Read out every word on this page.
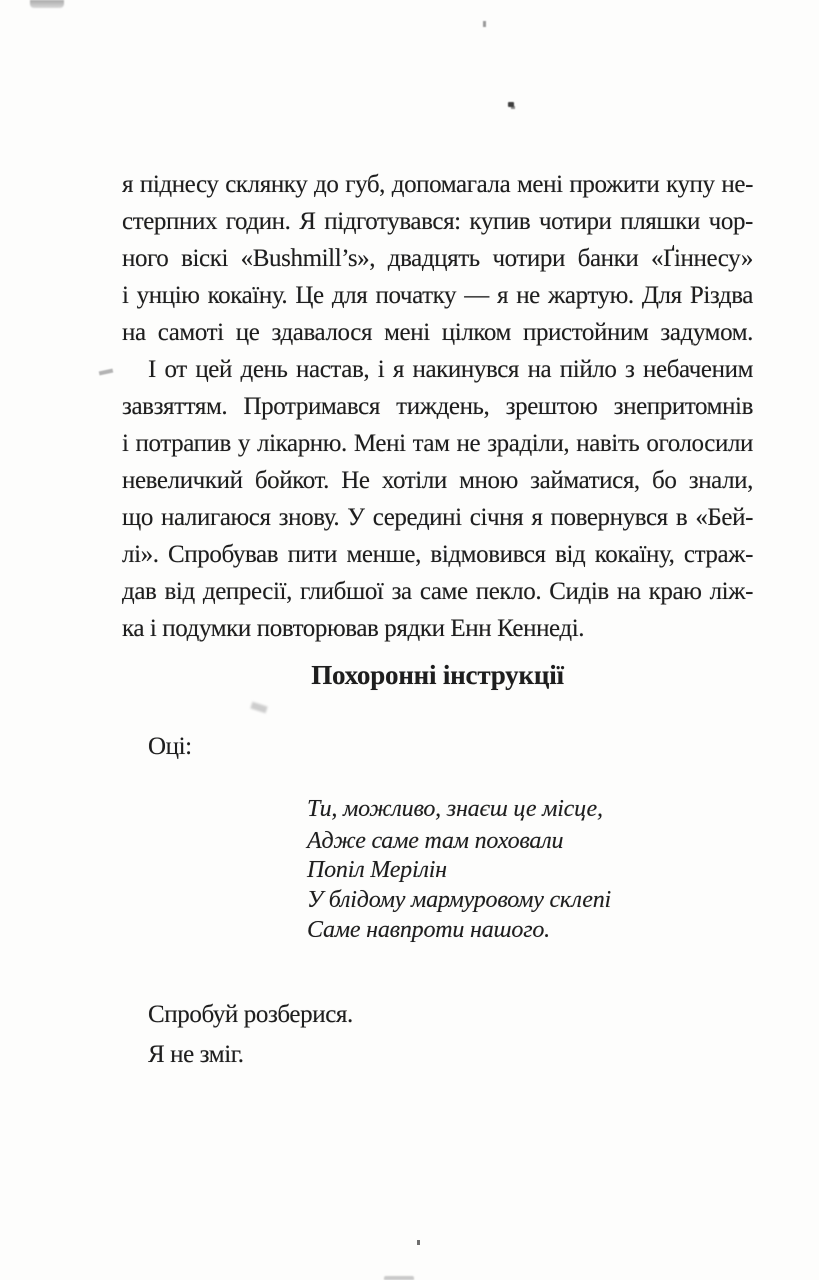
я піднесу склянку до губ, допомагала мені прожити купу не-
стерпних годин. Я підготувався: купив чотири пляшки чор-
ного віскі «Bushmill’s», двадцять чотири банки «Ґіннесу»
і унцію кокаїну. Це для початку — я не жартую. Для Різдва
на самоті це здавалося мені цілком пристойним задумом.
І от цей день настав, і я накинувся на пійло з небаченим
завзяттям. Протримався тиждень, зрештою знепритомнів
і потрапив у лікарню. Мені там не зраділи, навіть оголосили
невеличкий бойкот. Не хотіли мною займатися, бо знали,
що налигаюся знову. У середині січня я повернувся в «Бей-
лі». Спробував пити менше, відмовився від кокаїну, страж-
дав від депресії, глибшої за саме пекло. Сидів на краю ліж-
ка і подумки повторював рядки Енн Кеннеді.
Похоронні інструкції
Оці:
Ти, можливо, знаєш це місце,
Адже саме там поховали
Попіл Мерілін
У блідому мармуровому склепі
Саме навпроти нашого.
Спробуй розберися.
Я не зміг.
